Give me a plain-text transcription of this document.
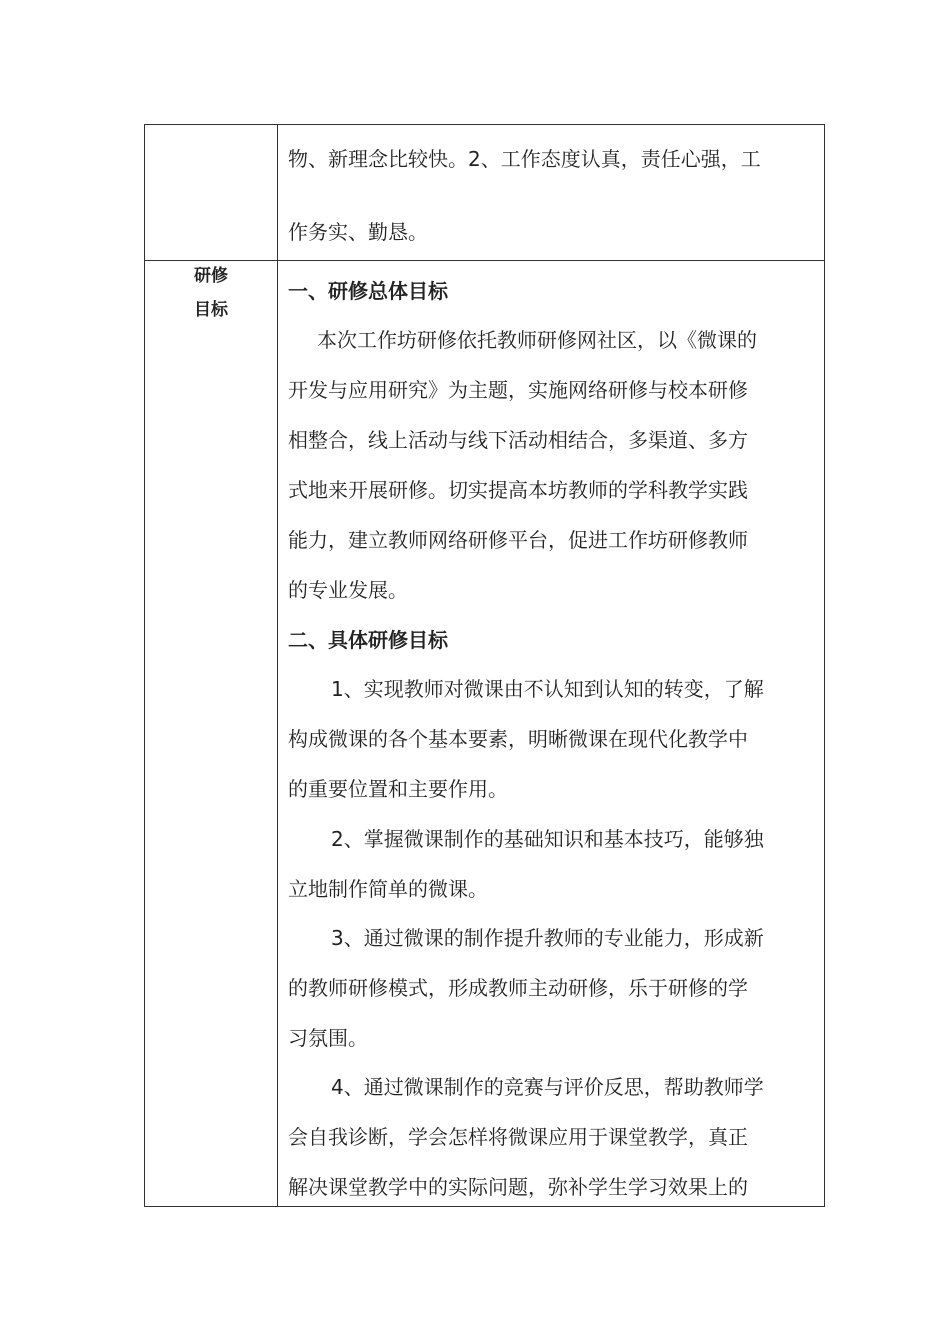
物、新理念比较快。2、工作态度认真，责任心强，工
作务实、勤恳。
研修
目标
一、研修总体目标
本次工作坊研修依托教师研修网社区，以《微课的
开发与应用研究》为主题，实施网络研修与校本研修
相整合，线上活动与线下活动相结合，多渠道、多方
式地来开展研修。切实提高本坊教师的学科教学实践
能力，建立教师网络研修平台，促进工作坊研修教师
的专业发展。
二、具体研修目标
1、实现教师对微课由不认知到认知的转变，了解
构成微课的各个基本要素，明晰微课在现代化教学中
的重要位置和主要作用。
2、掌握微课制作的基础知识和基本技巧，能够独
立地制作简单的微课。
3、通过微课的制作提升教师的专业能力，形成新
的教师研修模式，形成教师主动研修，乐于研修的学
习氛围。
4、通过微课制作的竞赛与评价反思，帮助教师学
会自我诊断，学会怎样将微课应用于课堂教学，真正
解决课堂教学中的实际问题，弥补学生学习效果上的
